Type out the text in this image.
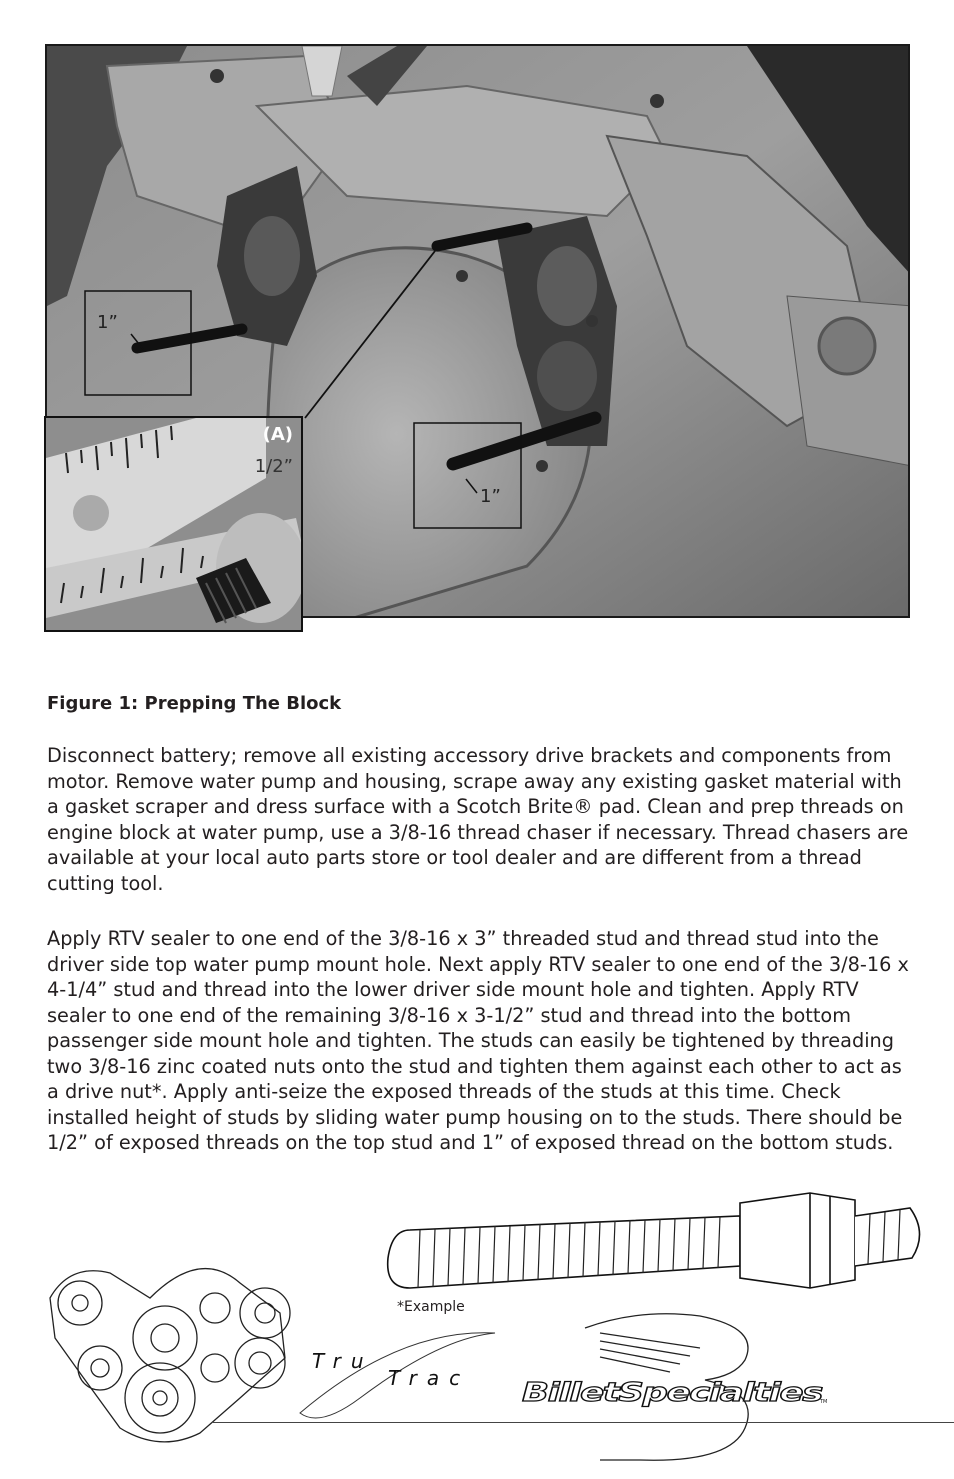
1”
1”
(A)
1/2”
Figure 1: Prepping The Block

Disconnect battery; remove all existing accessory drive brackets and components from motor. Remove water pump and housing, scrape away any existing gasket material with a gasket scraper and dress surface with a Scotch Brite® pad. Clean and prep threads on engine block at water pump, use a 3/8-16 thread chaser if necessary. Thread chasers are available at your local auto parts store or tool dealer and are different from a thread cutting tool.

Apply RTV sealer to one end of the 3/8-16 x 3” threaded stud and thread stud into the driver side top water pump mount hole. Next apply RTV sealer to one end of the 3/8-16 x 4-1/4” stud and thread into the lower driver side mount hole and tighten. Apply RTV sealer to one end of the remaining 3/8-16 x 3-1/2” stud and thread into the bottom passenger side mount hole and tighten. The studs can easily be tightened by threading two 3/8-16 zinc coated nuts onto the stud and tighten them against each other to act as a drive nut*. Apply anti-seize the exposed threads of the studs at this time. Check installed height of studs by sliding water pump housing on to the studs. There should be 1/2” of exposed threads on the top stud and 1” of exposed thread on the bottom studs.

Tru
Trac BilletSpecialties
TM
*Example
